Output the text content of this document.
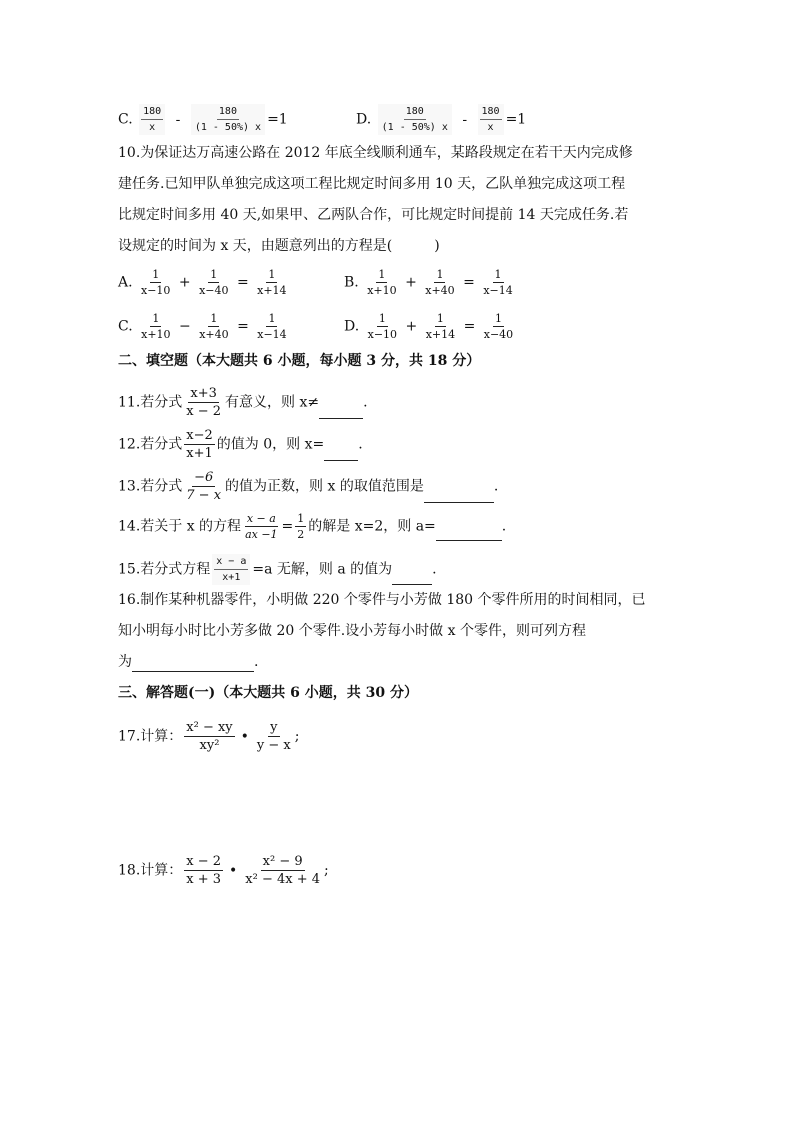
C. $\frac{180}{x} - \frac{180}{(1 - 50\%) x} =1$	D. $\frac{180}{(1 - 50\%) x} - \frac{180}{x} =1$
10.为保证达万高速公路在 2012 年底全线顺利通车，某路段规定在若干天内完成修
建任务.已知甲队单独完成这项工程比规定时间多用 10 天，乙队单独完成这项工程
比规定时间多用 40 天,如果甲、乙两队合作，可比规定时间提前 14 天完成任务.若
设规定的时间为 x 天，由题意列出的方程是(　　　)
A. $\frac{1}{x-10} + \frac{1}{x-40} = \frac{1}{x+14}$	B. $\frac{1}{x+10} + \frac{1}{x+40} = \frac{1}{x-14}$
C. $\frac{1}{x+10} - \frac{1}{x+40} = \frac{1}{x-14}$	D. $\frac{1}{x-10} + \frac{1}{x+14} = \frac{1}{x-40}$
二、填空题（本大题共 6 小题，每小题 3 分，共 18 分）
11.若分式 $\frac{x+3}{x - 2}$ 有意义，则 x≠	.
12.若分式 $\frac{x-2}{x+1}$ 的值为 0，则 x= .
13.若分式 $\frac{-6}{7 - x}$ 的值为正数，则 x 的取值范围是	.
14.若关于 x 的方程 $\frac{x - a}{ax -1} = \frac{1}{2}$ 的解是 x=2，则 a=	.
15.若分式方程 $\frac{x - a}{x+1} =a$ 无解，则 a 的值为	.
16.制作某种机器零件，小明做 220 个零件与小芳做 180 个零件所用的时间相同，已
知小明每小时比小芳多做 20 个零件.设小芳每小时做 x 个零件，则可列方程
为	.
三、解答题(一)（本大题共 6 小题，共 30 分）
17.计算： $\frac{\text{x² − xy}}{\text{xy²}}$ • $\frac{y}{y - x}$ ;
18.计算： $\frac{x - 2}{x + 3}$ • $\frac{\text{x² − 9}}{\text{x² − 4x + 4}}$ ;
